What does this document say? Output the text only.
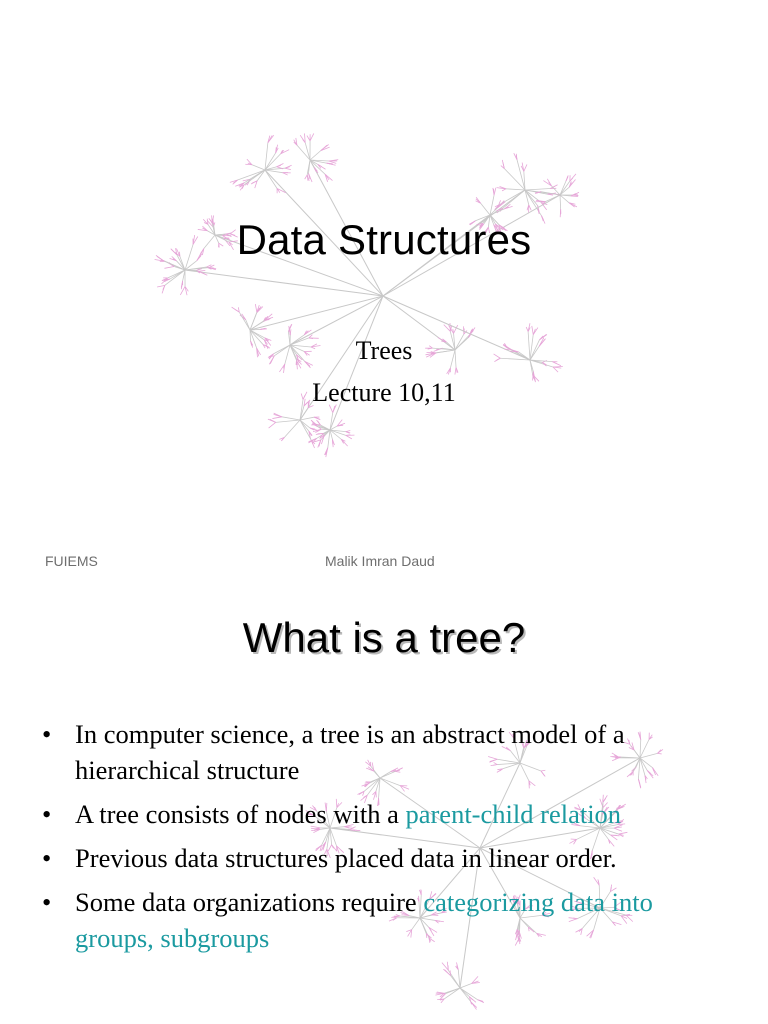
Data Structures
Trees
Lecture 10,11
FUIEMS	Malik Imran Daud
What is a tree?
• In computer science, a tree is an abstract model of a hierarchical structure
• A tree consists of nodes with a parent-child relation
• Previous data structures placed data in linear order.
• Some data organizations require categorizing data into groups, subgroups
